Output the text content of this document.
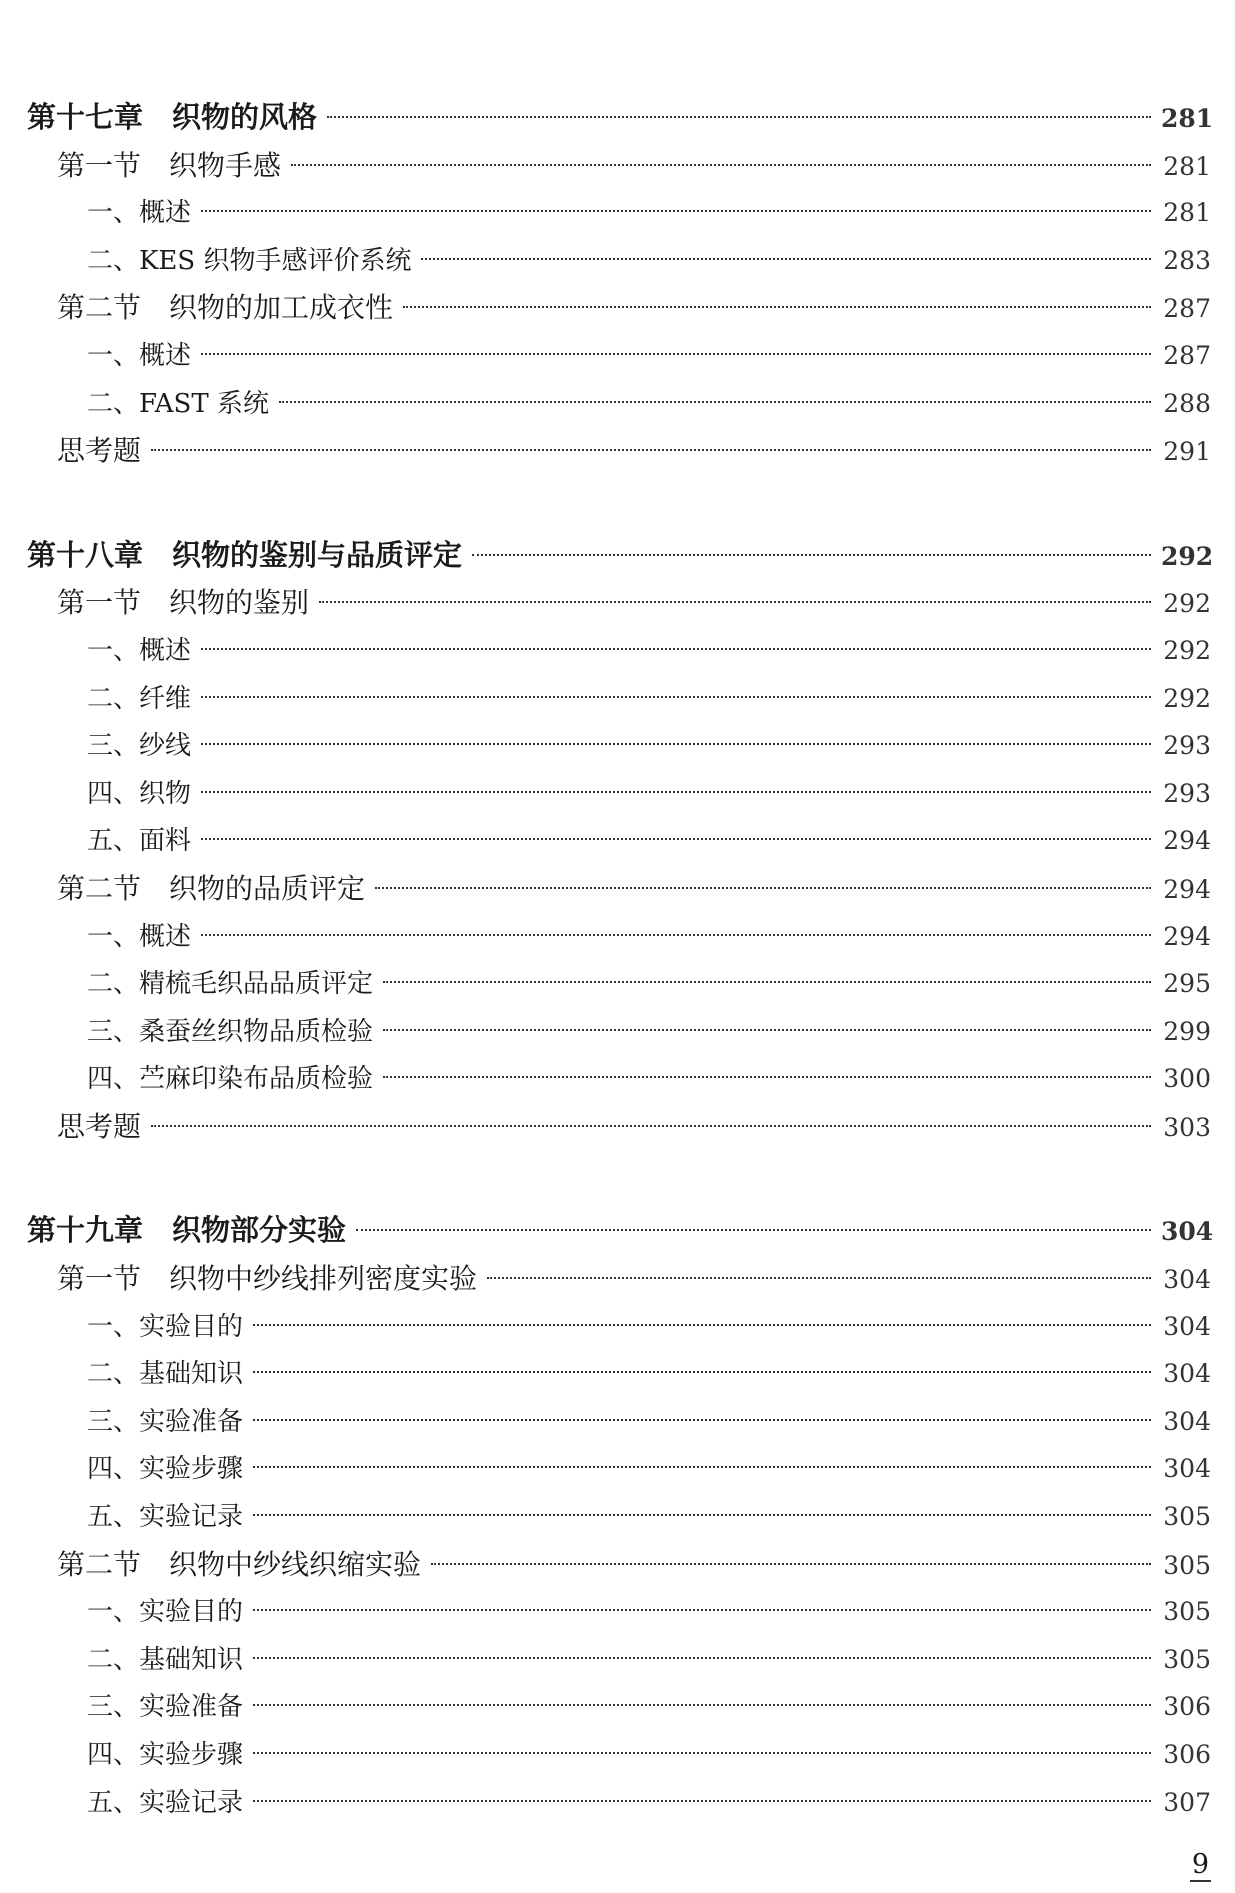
第十七章　织物的风格	281
第一节　织物手感	281
一、概述	281
二、KES 织物手感评价系统	283
第二节　织物的加工成衣性	287
一、概述	287
二、FAST 系统	288
思考题	291
第十八章　织物的鉴别与品质评定	292
第一节　织物的鉴别	292
一、概述	292
二、纤维	292
三、纱线	293
四、织物	293
五、面料	294
第二节　织物的品质评定	294
一、概述	294
二、精梳毛织品品质评定	295
三、桑蚕丝织物品质检验	299
四、苎麻印染布品质检验	300
思考题	303
第十九章　织物部分实验	304
第一节　织物中纱线排列密度实验	304
一、实验目的	304
二、基础知识	304
三、实验准备	304
四、实验步骤	304
五、实验记录	305
第二节　织物中纱线织缩实验	305
一、实验目的	305
二、基础知识	305
三、实验准备	306
四、实验步骤	306
五、实验记录	307
9
